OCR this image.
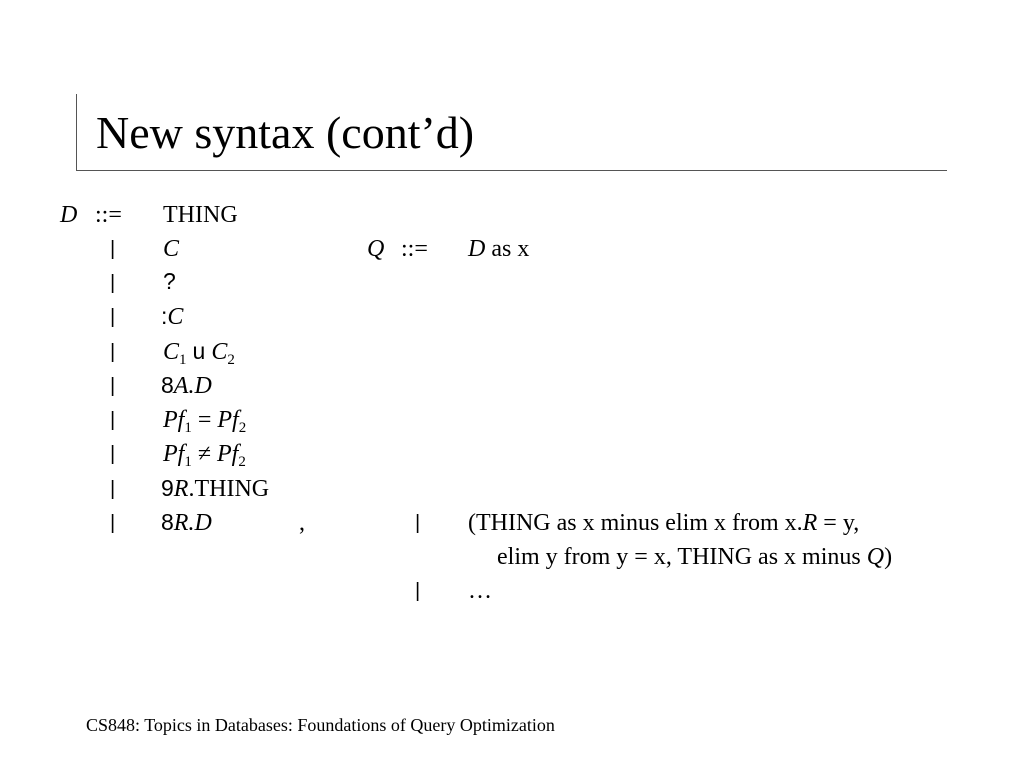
New syntax (cont’d)
D ::= THING
| C
| ?
| :C
| $C_1$ u $C_2$
| 8A.D
| $Pf_1 = Pf_2$
| $Pf_1 \ne Pf_2$
| 9R.THING
| 8R.D	,
Q ::= D as x
| (THING as x minus elim x from x.R = y,
elim y from y = x, THING as x minus Q)
| …
CS848: Topics in Databases: Foundations of Query Optimization
